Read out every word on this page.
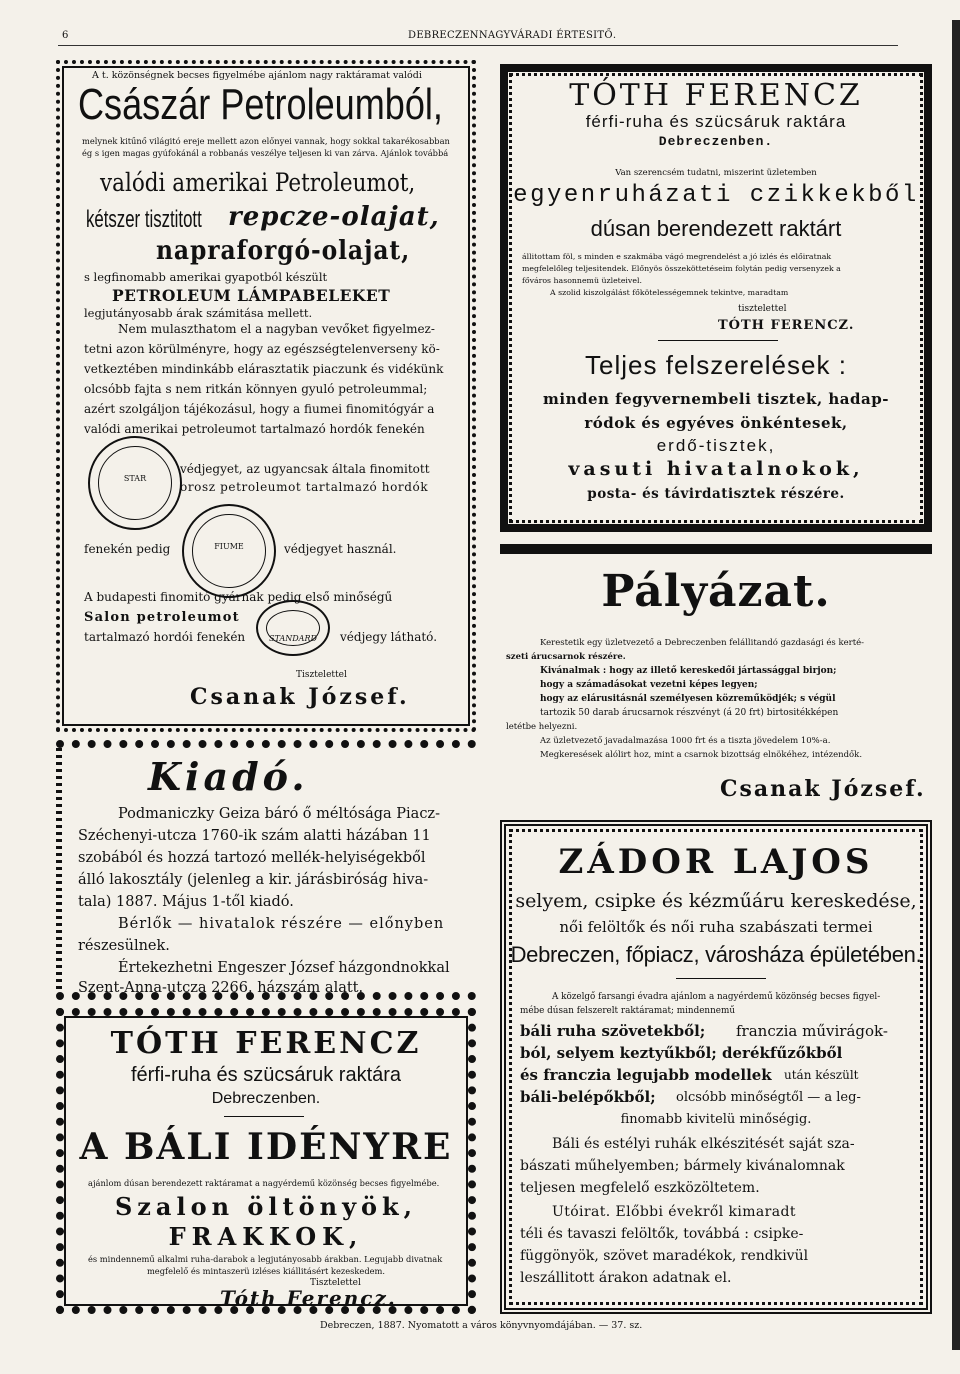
6	DEBRECZENNAGYVÁRADI ÉRTESITŐ.
A t. közönségnek becses figyelmébe ajánlom nagy raktáramat valódi
Császár Petroleumból,
melynek kitűnő világitó ereje mellett azon előnyei vannak, hogy sokkal takarékosabban
ég s igen magas gyúfokánál a robbanás veszélye teljesen ki van zárva. Ajánlok továbbá
valódi amerikai Petroleumot,
kétszer tisztitott repcze-olajat,
napraforgó-olajat,
s legfinomabb amerikai gyapotból készült
PETROLEUM LÁMPABELEKET
legjutányosabb árak számitása mellett.
Nem mulaszthatom el a nagyban vevőket figyelmez-
tetni azon körülményre, hogy az egészségtelenverseny kö-
vetkeztében mindinkább elárasztatik piaczunk és vidékünk
olcsóbb fajta s nem ritkán könnyen gyuló petroleummal;
azért szolgáljon tájékozásul, hogy a fiumei finomitógyár a
valódi amerikai petroleumot tartalmazó hordók fenekén
STAR
védjegyet, az ugyancsak általa finomitott
orosz petroleumot tartalmazó hordók
fenekén pedig	FIUME	védjegyet használ.
A budapesti finomitó gyárnak pedig első minőségű
Salon petroleumot
tartalmazó hordói fenekén	STANDARD	védjegy látható.
Tisztelettel
Csanak József.
Kiadó.
Podmaniczky Geiza báró ő méltósága Piacz-
Széchenyi-utcza 1760-ik szám alatti házában 11
szobából és hozzá tartozó mellék-helyiségekből
álló lakosztály (jelenleg a kir. járásbiróság hiva-
tala) 1887. Május 1-től kiadó.
Bérlők — hivatalok részére — előnyben
részesülnek.
Értekezhetni Engeszer József házgondnokkal
Szent-Anna-utcza 2266. házszám alatt.
TÓTH FERENCZ
férfi-ruha és szücsáruk raktára
Debreczenben.
A BÁLI IDÉNYRE
ajánlom dúsan berendezett raktáramat a nagyérdemű közönség becses figyelmébe.
Szalon öltönyök,
FRAKKOK,
és mindennemű alkalmi ruha-darabok a legjutányosabb árakban. Legujabb divatnak
megfelelő és mintaszerü izléses kiállitásért kezeskedem.
Tisztelettel
Tóth Ferencz.
TÓTH FERENCZ
férfi-ruha és szücsáruk raktára
Debreczenben.
Van szerencsém tudatni, miszerint üzletemben
egyenruházati czikkekből
dúsan berendezett raktárt
állitottam föl, s minden e szakmába vágó megrendelést a jó izlés és előiratnak
megfelelőleg teljesitendek. Előnyös összeköttetéseim folytán pedig versenyzek a
főváros hasonnemü üzleteivel.
A szolid kiszolgálást főkötelességemnek tekintve, maradtam
tisztelettel
TÓTH FERENCZ.
Teljes felszerelések :
minden fegyvernembeli tisztek, hadap-
ródok és egyéves önkéntesek,
erdő-tisztek,
vasuti hivatalnokok,
posta- és távirdatisztek részére.
Pályázat.
Kerestetik egy üzletvezető a Debreczenben felállitandó gazdasági és kerté-
szeti árucsarnok részére.
Kivánalmak : hogy az illető kereskedői jártassággal birjon;
hogy a számadásokat vezetni képes legyen;
hogy az elárusitásnál személyesen közreműködjék; s végül
tartozik 50 darab árucsarnok részvényt (á 20 frt) birtositékképen
letétbe helyezni.
Az üzletvezető javadalmazása 1000 frt és a tiszta jövedelem 10%-a.
Megkeresések alólirt hoz, mint a csarnok bizottság elnökéhez, intézendők.
Csanak József.
ZÁDOR LAJOS
selyem, csipke és kézműáru kereskedése,
női felöltők és női ruha szabászati termei
Debreczen, főpiacz, városháza épületében.
A közelgő farsangi évadra ajánlom a nagyérdemű közönség becses figyel-
mébe dúsan felszerelt raktáramat; mindennemű
báli ruha szövetekből; franczia művirágok-
ból, selyem keztyűkből; derékfűzőkből
és franczia legujabb modellek után készült
báli-belépőkből; olcsóbb minőségtől — a leg-
finomabb kivitelü minőségig.
Báli és estélyi ruhák elkészitését saját sza-
bászati műhelyemben; bármely kivánalomnak
teljesen megfelelő eszközöltetem.
Utóirat. Előbbi évekről kimaradt
téli és tavaszi felöltők, továbbá : csipke-
függönyök, szövet maradékok, rendkivül
leszállitott árakon adatnak el.
Debreczen, 1887. Nyomatott a város könyvnyomdájában. — 37. sz.
